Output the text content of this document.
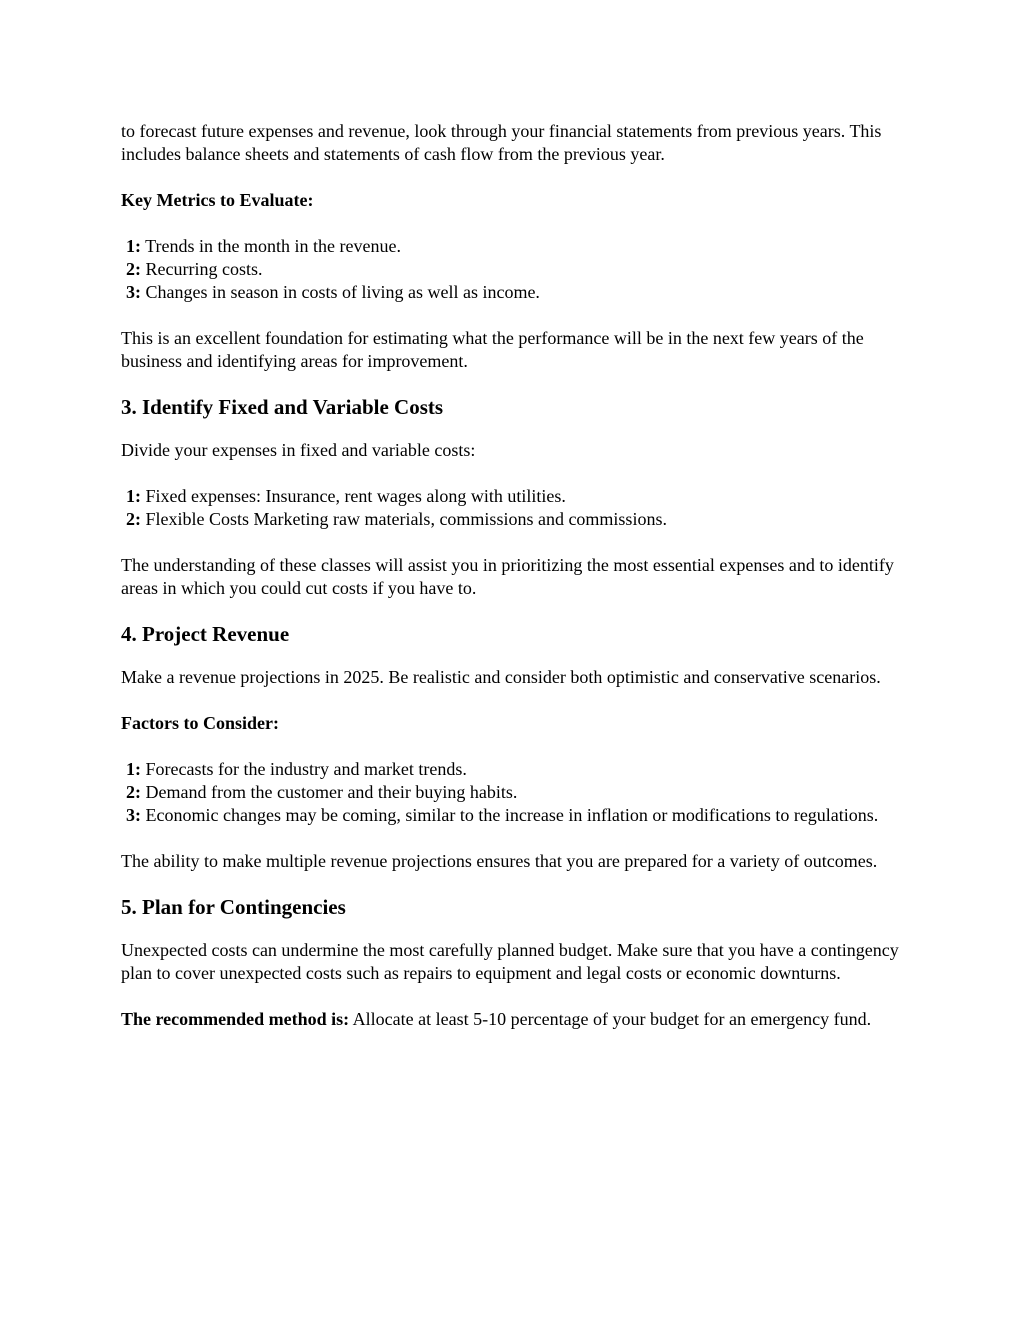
to forecast future expenses and revenue, look through your financial statements from previous years. This includes balance sheets and statements of cash flow from the previous year.

Key Metrics to Evaluate:

1: Trends in the month in the revenue.
2: Recurring costs.
3: Changes in season in costs of living as well as income.

This is an excellent foundation for estimating what the performance will be in the next few years of the business and identifying areas for improvement.

3. Identify Fixed and Variable Costs

Divide your expenses in fixed and variable costs:

1: Fixed expenses: Insurance, rent wages along with utilities.
2: Flexible Costs Marketing raw materials, commissions and commissions.

The understanding of these classes will assist you in prioritizing the most essential expenses and to identify areas in which you could cut costs if you have to.

4. Project Revenue

Make a revenue projections in 2025. Be realistic and consider both optimistic and conservative scenarios.

Factors to Consider:

1: Forecasts for the industry and market trends.
2: Demand from the customer and their buying habits.
3: Economic changes may be coming, similar to the increase in inflation or modifications to regulations.

The ability to make multiple revenue projections ensures that you are prepared for a variety of outcomes.

5. Plan for Contingencies

Unexpected costs can undermine the most carefully planned budget. Make sure that you have a contingency plan to cover unexpected costs such as repairs to equipment and legal costs or economic downturns.

The recommended method is: Allocate at least 5-10 percentage of your budget for an emergency fund.
